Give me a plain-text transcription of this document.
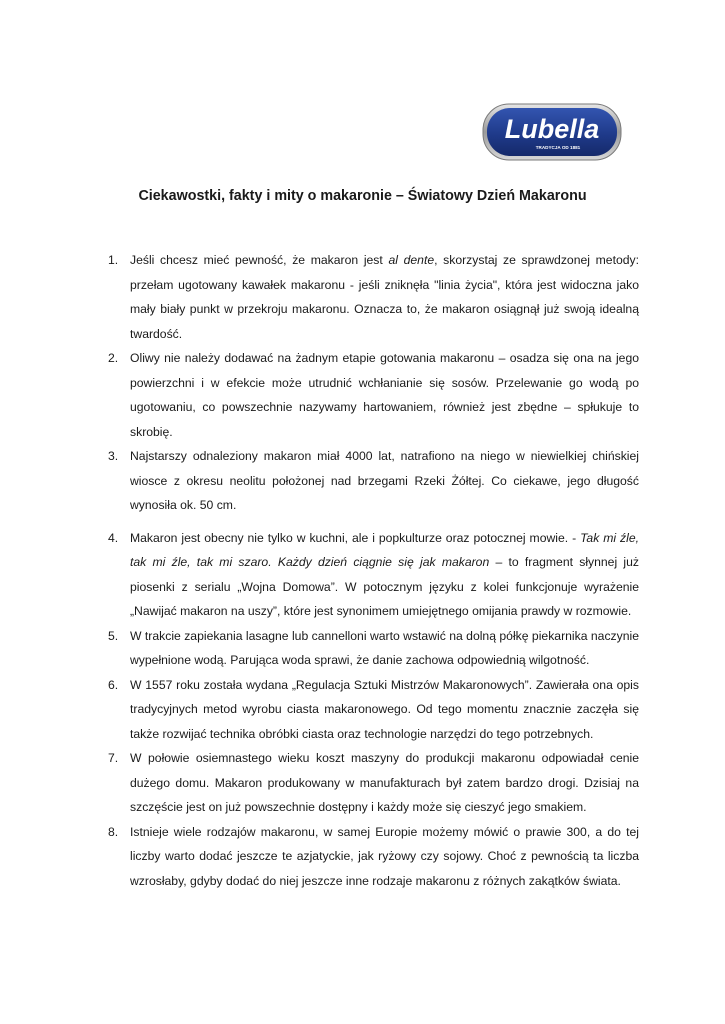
Lubella
TRADYCJA OD 1881
Ciekawostki, fakty i mity o makaronie – Światowy Dzień Makaronu
1. Jeśli chcesz mieć pewność, że makaron jest al dente, skorzystaj ze sprawdzonej metody: przełam ugotowany kawałek makaronu - jeśli zniknęła "linia życia", która jest widoczna jako mały biały punkt w przekroju makaronu. Oznacza to, że makaron osiągnął już swoją idealną twardość.

2. Oliwy nie należy dodawać na żadnym etapie gotowania makaronu – osadza się ona na jego powierzchni i w efekcie może utrudnić wchłanianie się sosów. Przelewanie go wodą po ugotowaniu, co powszechnie nazywamy hartowaniem, również jest zbędne – spłukuje to skrobię.

3. Najstarszy odnaleziony makaron miał 4000 lat, natrafiono na niego w niewielkiej chińskiej wiosce z okresu neolitu położonej nad brzegami Rzeki Żółtej. Co ciekawe, jego długość wynosiła ok. 50 cm.

4. Makaron jest obecny nie tylko w kuchni, ale i popkulturze oraz potocznej mowie. - Tak mi źle, tak mi źle, tak mi szaro. Każdy dzień ciągnie się jak makaron – to fragment słynnej już piosenki z serialu „Wojna Domowa”. W potocznym języku z kolei funkcjonuje wyrażenie „Nawijać makaron na uszy”, które jest synonimem umiejętnego omijania prawdy w rozmowie.

5. W trakcie zapiekania lasagne lub cannelloni warto wstawić na dolną półkę piekarnika naczynie wypełnione wodą. Parująca woda sprawi, że danie zachowa odpowiednią wilgotność.

6. W 1557 roku została wydana „Regulacja Sztuki Mistrzów Makaronowych”. Zawierała ona opis tradycyjnych metod wyrobu ciasta makaronowego. Od tego momentu znacznie zaczęła się także rozwijać technika obróbki ciasta oraz technologie narzędzi do tego potrzebnych.

7. W połowie osiemnastego wieku koszt maszyny do produkcji makaronu odpowiadał cenie dużego domu. Makaron produkowany w manufakturach był zatem bardzo drogi. Dzisiaj na szczęście jest on już powszechnie dostępny i każdy może się cieszyć jego smakiem.

8. Istnieje wiele rodzajów makaronu, w samej Europie możemy mówić o prawie 300, a do tej liczby warto dodać jeszcze te azjatyckie, jak ryżowy czy sojowy. Choć z pewnością ta liczba wzrosłaby, gdyby dodać do niej jeszcze inne rodzaje makaronu z różnych zakątków świata.
